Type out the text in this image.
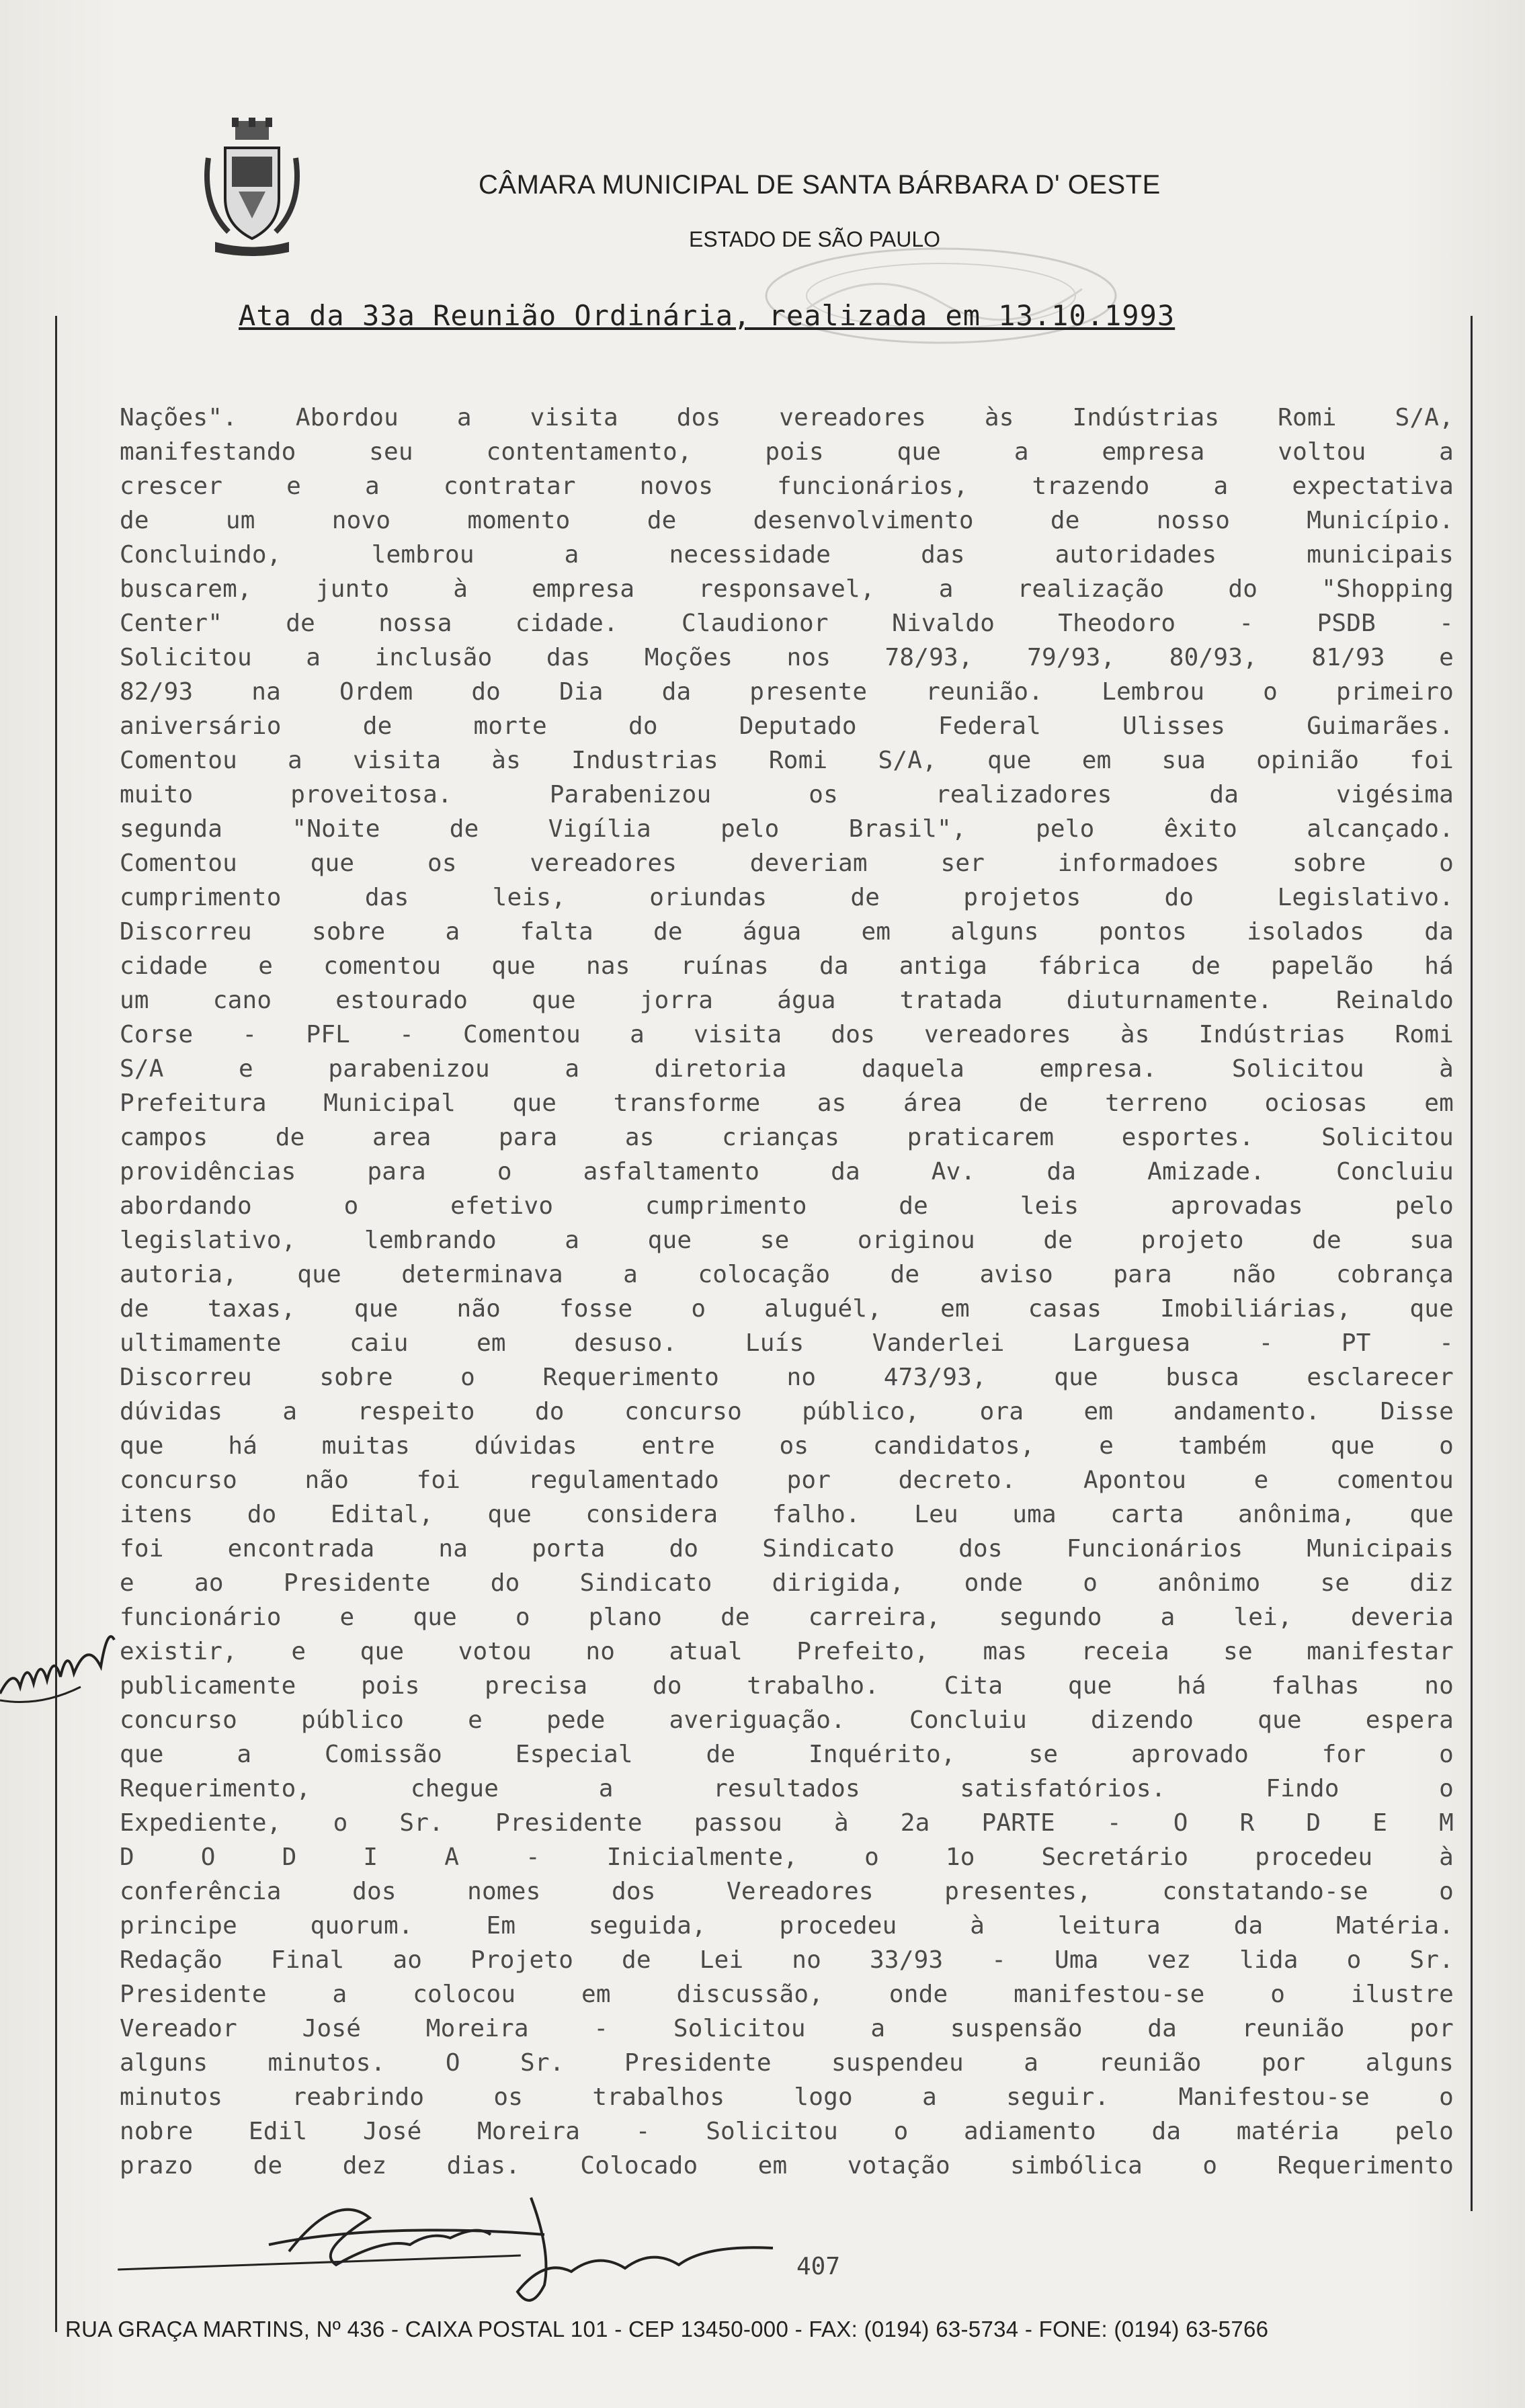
CÂMARA MUNICIPAL DE SANTA BÁRBARA D' OESTE
ESTADO DE SÃO PAULO
Ata da 33a Reunião Ordinária, realizada em 13.10.1993
Nações". Abordou a visita dos vereadores às Indústrias Romi S/A,
manifestando seu contentamento, pois que a empresa voltou a
crescer e a contratar novos funcionários, trazendo a expectativa
de um novo momento de desenvolvimento de nosso Município.
Concluindo, lembrou a necessidade das autoridades municipais
buscarem, junto à empresa responsavel, a realização do "Shopping
Center" de nossa cidade. Claudionor Nivaldo Theodoro - PSDB -
Solicitou a inclusão das Moções nos 78/93, 79/93, 80/93, 81/93 e
82/93 na Ordem do Dia da presente reunião. Lembrou o primeiro
aniversário de morte do Deputado Federal Ulisses Guimarães.
Comentou a visita às Industrias Romi S/A, que em sua opinião foi
muito proveitosa. Parabenizou os realizadores da vigésima
segunda "Noite de Vigília pelo Brasil", pelo êxito alcançado.
Comentou que os vereadores deveriam ser informadoes sobre o
cumprimento das leis, oriundas de projetos do Legislativo.
Discorreu sobre a falta de água em alguns pontos isolados da
cidade e comentou que nas ruínas da antiga fábrica de papelão há
um cano estourado que jorra água tratada diuturnamente. Reinaldo
Corse - PFL - Comentou a visita dos vereadores às Indústrias Romi
S/A e parabenizou a diretoria daquela empresa. Solicitou à
Prefeitura Municipal que transforme as área de terreno ociosas em
campos de area para as crianças praticarem esportes. Solicitou
providências para o asfaltamento da Av. da Amizade. Concluiu
abordando o efetivo cumprimento de leis aprovadas pelo
legislativo, lembrando a que se originou de projeto de sua
autoria, que determinava a colocação de aviso para não cobrança
de taxas, que não fosse o aluguél, em casas Imobiliárias, que
ultimamente caiu em desuso. Luís Vanderlei Larguesa - PT -
Discorreu sobre o Requerimento no 473/93, que busca esclarecer
dúvidas a respeito do concurso público, ora em andamento. Disse
que há muitas dúvidas entre os candidatos, e também que o
concurso não foi regulamentado por decreto. Apontou e comentou
itens do Edital, que considera falho. Leu uma carta anônima, que
foi encontrada na porta do Sindicato dos Funcionários Municipais
e ao Presidente do Sindicato dirigida, onde o anônimo se diz
funcionário e que o plano de carreira, segundo a lei, deveria
existir, e que votou no atual Prefeito, mas receia se manifestar
publicamente pois precisa do trabalho. Cita que há falhas no
concurso público e pede averiguação. Concluiu dizendo que espera
que a Comissão Especial de Inquérito, se aprovado for o
Requerimento, chegue a resultados satisfatórios. Findo o
Expediente, o Sr. Presidente passou à 2a PARTE - O R D E M
D O D I A - Inicialmente, o 1o Secretário procedeu à
conferência dos nomes dos Vereadores presentes, constatando-se o
principe quorum. Em seguida, procedeu à leitura da Matéria.
Redação Final ao Projeto de Lei no 33/93 - Uma vez lida o Sr.
Presidente a colocou em discussão, onde manifestou-se o ilustre
Vereador José Moreira - Solicitou a suspensão da reunião por
alguns minutos. O Sr. Presidente suspendeu a reunião por alguns
minutos reabrindo os trabalhos logo a seguir. Manifestou-se o
nobre Edil José Moreira - Solicitou o adiamento da matéria pelo
prazo de dez dias. Colocado em votação simbólica o Requerimento
407
RUA GRAÇA MARTINS, Nº 436 - CAIXA POSTAL 101 - CEP 13450-000 - FAX: (0194) 63-5734 - FONE: (0194) 63-5766
